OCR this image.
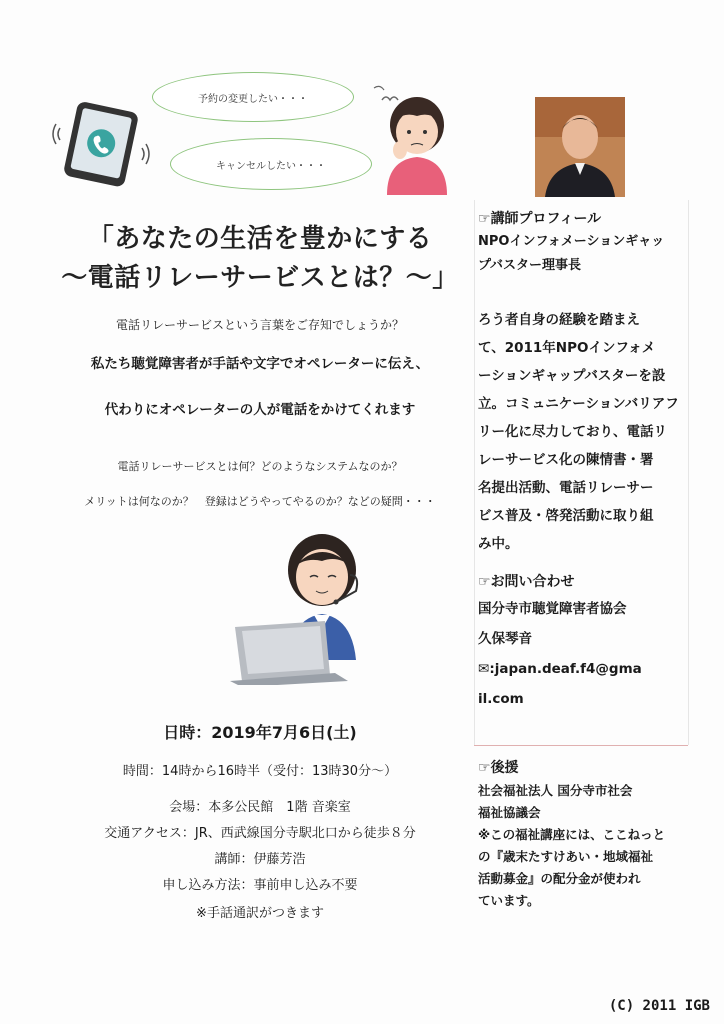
予約の変更したい・・・
キャンセルしたい・・・
「あなたの生活を豊かにする
～電話リレーサービスとは？～」
電話リレーサービスという言葉をご存知でしょうか？
私たち聴覚障害者が手話や文字でオペレーターに伝え、
代わりにオペレーターの人が電話をかけてくれます
電話リレーサービスとは何？どのようなシステムなのか？
メリットは何なのか？　登録はどうやってやるのか？などの疑問・・・
日時：2019年7月6日(土)
時間：14時から16時半（受付：13時30分～）
会場：本多公民館　1階 音楽室
交通アクセス：JR、西武線国分寺駅北口から徒歩８分
講師：伊藤芳浩
申し込み方法：事前申し込み不要
※手話通訳がつきます
☞講師プロフィール

NPOインフォメーションギャッ

プバスター理事長

ろう者自身の経験を踏まえ

て、2011年NPOインフォメ

ーションギャップバスターを設

立。コミュニケーションバリアフ

リー化に尽力しており、電話リ

レーサービス化の陳情書・署

名提出活動、電話リレーサー

ビス普及・啓発活動に取り組

み中。

☞お問い合わせ

国分寺市聴覚障害者協会

久保琴音

✉:japan.deaf.f4@gma

il.com

☞後援

社会福祉法人 国分寺市社会

福祉協議会

※この福祉講座には、ここねっと

の『歳末たすけあい・地域福祉

活動募金』の配分金が使われ

ています。

(C) 2011 IGB
